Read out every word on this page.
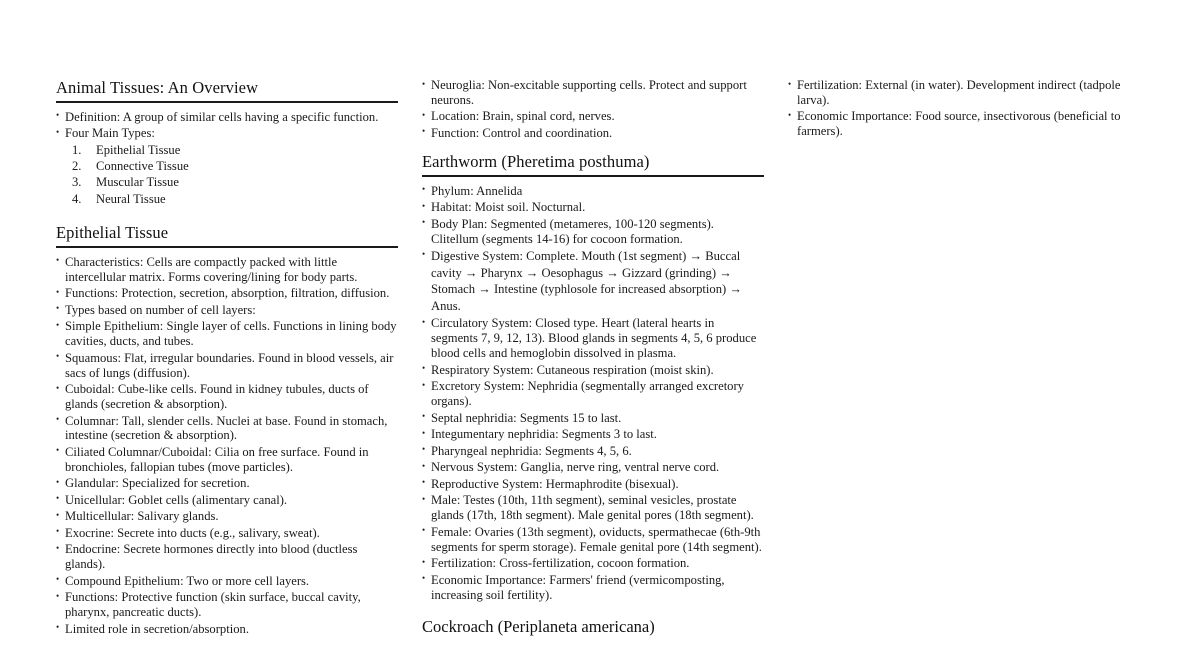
Animal Tissues: An Overview
• Definition: A group of similar cells having a specific function.
• Four Main Types:
Epithelial Tissue
Connective Tissue
Muscular Tissue
Neural Tissue
Epithelial Tissue
• Characteristics: Cells are compactly packed with little intercellular matrix. Forms covering/lining for body parts.
• Functions: Protection, secretion, absorption, filtration, diffusion.
• Types based on number of cell layers:
• Simple Epithelium: Single layer of cells. Functions in lining body cavities, ducts, and tubes.
• Squamous: Flat, irregular boundaries. Found in blood vessels, air sacs of lungs (diffusion).
• Cuboidal: Cube-like cells. Found in kidney tubules, ducts of glands (secretion & absorption).
• Columnar: Tall, slender cells. Nuclei at base. Found in stomach, intestine (secretion & absorption).
• Ciliated Columnar/Cuboidal: Cilia on free surface. Found in bronchioles, fallopian tubes (move particles).
• Glandular: Specialized for secretion.
• Unicellular: Goblet cells (alimentary canal).
• Multicellular: Salivary glands.
• Exocrine: Secrete into ducts (e.g., salivary, sweat).
• Endocrine: Secrete hormones directly into blood (ductless glands).
• Compound Epithelium: Two or more cell layers.
• Functions: Protective function (skin surface, buccal cavity, pharynx, pancreatic ducts).
• Limited role in secretion/absorption.
• Neuroglia: Non-excitable supporting cells. Protect and support neurons.
• Location: Brain, spinal cord, nerves.
• Function: Control and coordination.
Earthworm (Pheretima posthuma)
• Phylum: Annelida
• Habitat: Moist soil. Nocturnal.
• Body Plan: Segmented (metameres, 100-120 segments). Clitellum (segments 14-16) for cocoon formation.
• Digestive System: Complete. Mouth (1st segment) → Buccal cavity → Pharynx → Oesophagus → Gizzard (grinding) → Stomach → Intestine (typhlosole for increased absorption) → Anus.
• Circulatory System: Closed type. Heart (lateral hearts in segments 7, 9, 12, 13). Blood glands in segments 4, 5, 6 produce blood cells and hemoglobin dissolved in plasma.
• Respiratory System: Cutaneous respiration (moist skin).
• Excretory System: Nephridia (segmentally arranged excretory organs).
• Septal nephridia: Segments 15 to last.
• Integumentary nephridia: Segments 3 to last.
• Pharyngeal nephridia: Segments 4, 5, 6.
• Nervous System: Ganglia, nerve ring, ventral nerve cord.
• Reproductive System: Hermaphrodite (bisexual).
• Male: Testes (10th, 11th segment), seminal vesicles, prostate glands (17th, 18th segment). Male genital pores (18th segment).
• Female: Ovaries (13th segment), oviducts, spermathecae (6th-9th segments for sperm storage). Female genital pore (14th segment).
• Fertilization: Cross-fertilization, cocoon formation.
• Economic Importance: Farmers' friend (vermicomposting, increasing soil fertility).
Cockroach (Periplaneta americana)
• Fertilization: External (in water). Development indirect (tadpole larva).
• Economic Importance: Food source, insectivorous (beneficial to farmers).
